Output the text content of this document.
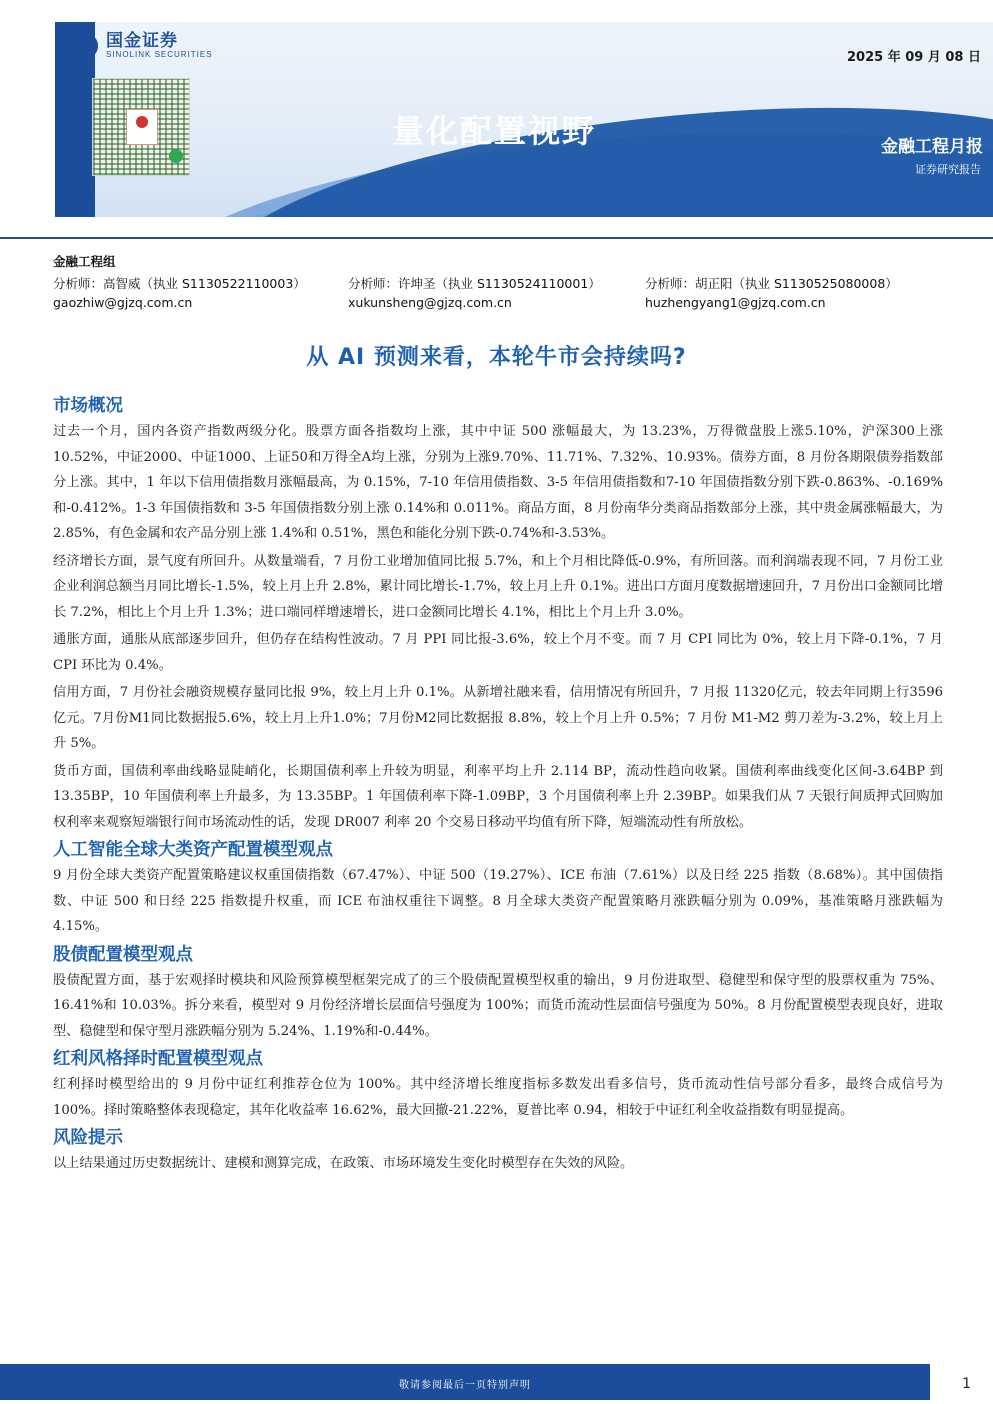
国金证券
SINOLINK SECURITIES	2025 年 09 月 08 日
量化配置视野	金融工程月报
证券研究报告
金融工程组
分析师：高智威（执业 S1130522110003）
gaozhiw@gjzq.com.cn
分析师：许坤圣（执业 S1130524110001）
xukunsheng@gjzq.com.cn
分析师：胡正阳（执业 S1130525080008）
huzhengyang1@gjzq.com.cn
从 AI 预测来看，本轮牛市会持续吗?
市场概况

过去一个月，国内各资产指数两级分化。股票方面各指数均上涨，其中中证 500 涨幅最大，为 13.23%，万得微盘股上涨5.10%，沪深300上涨10.52%，中证2000、中证1000、上证50和万得全A均上涨，分别为上涨9.70%、11.71%、7.32%、10.93%。债券方面，8 月份各期限债券指数部分上涨。其中，1 年以下信用债指数月涨幅最高，为 0.15%，7-10 年信用债指数、3-5 年信用债指数和7-10 年国债指数分别下跌-0.863%、-0.169%和-0.412%。1-3 年国债指数和 3-5 年国债指数分别上涨 0.14%和 0.011%。商品方面，8 月份南华分类商品指数部分上涨，其中贵金属涨幅最大，为 2.85%，有色金属和农产品分别上涨 1.4%和 0.51%，黑色和能化分别下跌-0.74%和-3.53%。

经济增长方面，景气度有所回升。从数量端看，7 月份工业增加值同比报 5.7%，和上个月相比降低-0.9%，有所回落。而利润端表现不同，7 月份工业企业利润总额当月同比增长-1.5%，较上月上升 2.8%，累计同比增长-1.7%，较上月上升 0.1%。进出口方面月度数据增速回升，7 月份出口金额同比增长 7.2%，相比上个月上升 1.3%；进口端同样增速增长，进口金额同比增长 4.1%，相比上个月上升 3.0%。

通胀方面，通胀从底部逐步回升，但仍存在结构性波动。7 月 PPI 同比报-3.6%，较上个月不变。而 7 月 CPI 同比为 0%，较上月下降-0.1%，7 月 CPI 环比为 0.4%。

信用方面，7 月份社会融资规模存量同比报 9%，较上月上升 0.1%。从新增社融来看，信用情况有所回升，7 月报 11320亿元，较去年同期上行3596亿元。7月份M1同比数据报5.6%，较上月上升1.0%；7月份M2同比数据报 8.8%，较上个月上升 0.5%；7 月份 M1-M2 剪刀差为-3.2%，较上月上升 5%。

货币方面，国债利率曲线略显陡峭化，长期国债利率上升较为明显，利率平均上升 2.114 BP，流动性趋向收紧。国债利率曲线变化区间-3.64BP 到 13.35BP，10 年国债利率上升最多，为 13.35BP。1 年国债利率下降-1.09BP，3 个月国债利率上升 2.39BP。如果我们从 7 天银行间质押式回购加权利率来观察短端银行间市场流动性的话，发现 DR007 利率 20 个交易日移动平均值有所下降，短端流动性有所放松。

人工智能全球大类资产配置模型观点

9 月份全球大类资产配置策略建议权重国债指数（67.47%）、中证 500（19.27%）、ICE 布油（7.61%）以及日经 225 指数（8.68%）。其中国债指数、中证 500 和日经 225 指数提升权重，而 ICE 布油权重往下调整。8 月全球大类资产配置策略月涨跌幅分别为 0.09%，基准策略月涨跌幅为 4.15%。

股债配置模型观点

股债配置方面，基于宏观择时模块和风险预算模型框架完成了的三个股债配置模型权重的输出，9 月份进取型、稳健型和保守型的股票权重为 75%、16.41%和 10.03%。拆分来看，模型对 9 月份经济增长层面信号强度为 100%；而货币流动性层面信号强度为 50%。8 月份配置模型表现良好，进取型、稳健型和保守型月涨跌幅分别为 5.24%、1.19%和-0.44%。

红利风格择时配置模型观点

红利择时模型给出的 9 月份中证红利推荐仓位为 100%。其中经济增长维度指标多数发出看多信号，货币流动性信号部分看多，最终合成信号为 100%。择时策略整体表现稳定，其年化收益率 16.62%，最大回撤-21.22%，夏普比率 0.94，相较于中证红利全收益指数有明显提高。

风险提示

以上结果通过历史数据统计、建模和测算完成，在政策、市场环境发生变化时模型存在失效的风险。

敬请参阅最后一页特别声明	1
